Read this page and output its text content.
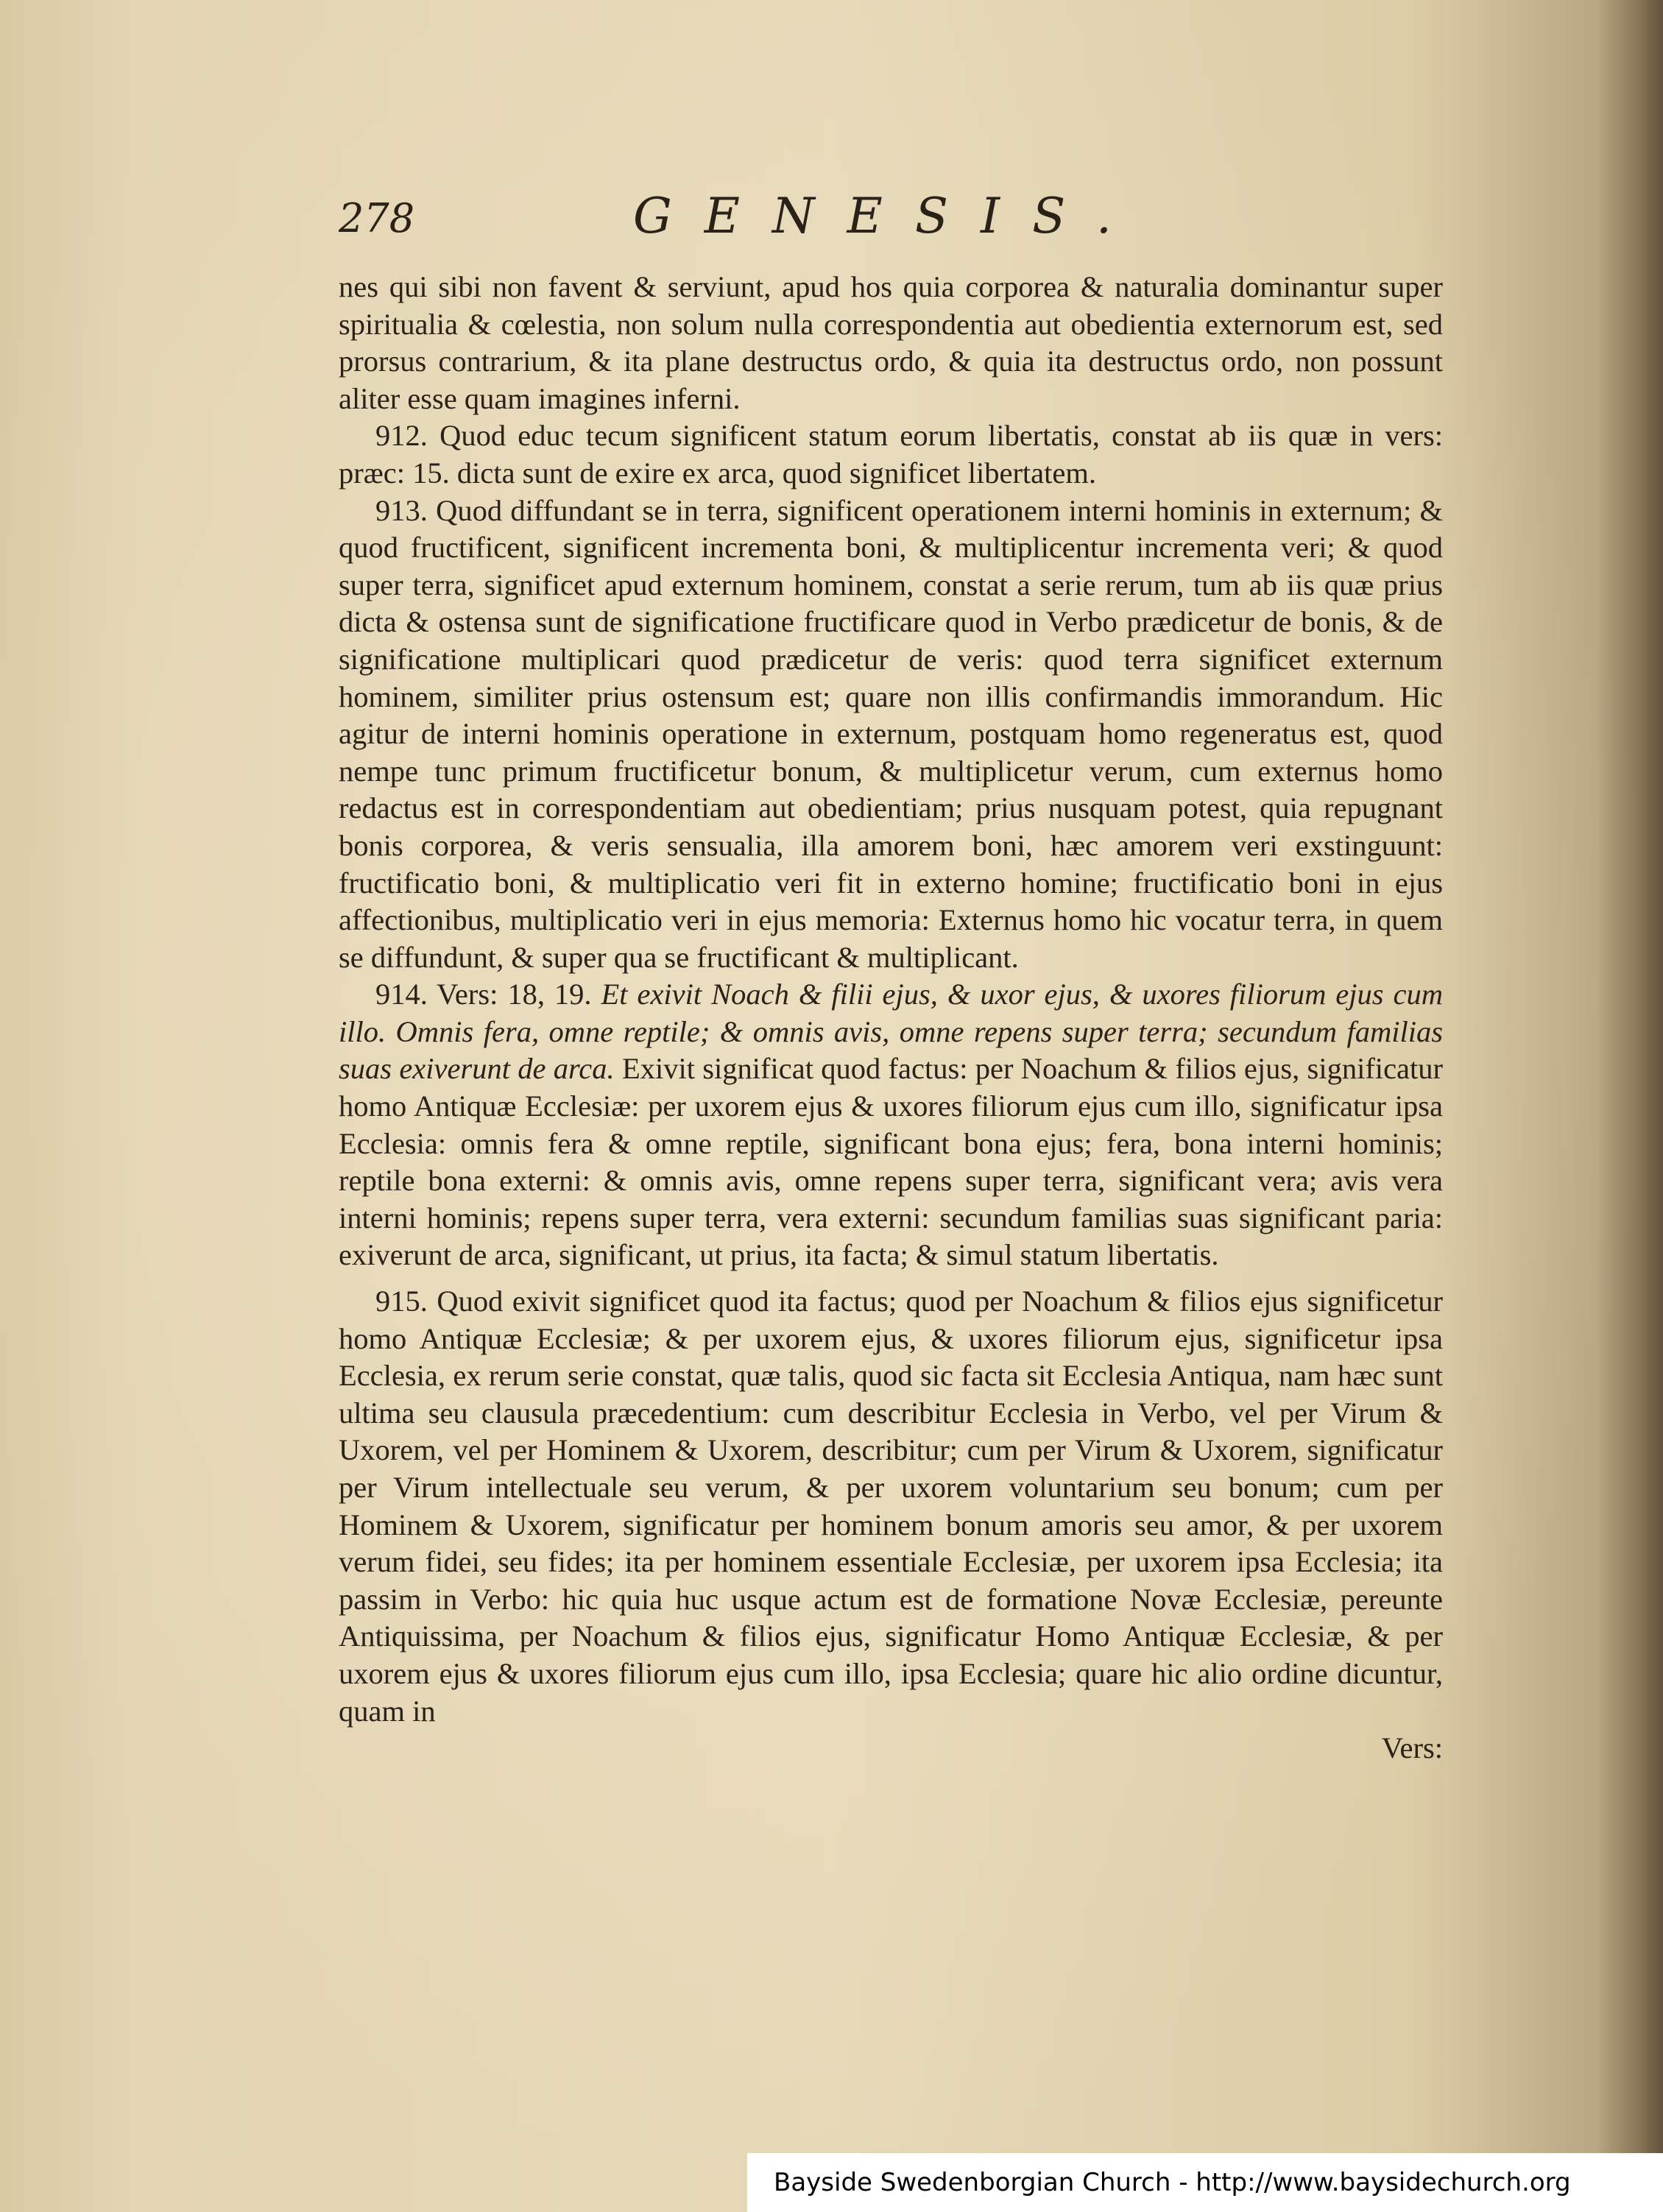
278	GENESIS.

nes qui sibi non favent & serviunt, apud hos quia corporea & naturalia dominantur super spiritualia & cœlestia, non solum nulla correspondentia aut obedientia externorum est, sed prorsus contrarium, & ita plane destructus ordo, & quia ita destructus ordo, non possunt aliter esse quam imagines inferni.

912. Quod educ tecum significent statum eorum libertatis, constat ab iis quæ in vers: præc: 15. dicta sunt de exire ex arca, quod significet libertatem.

913. Quod diffundant se in terra, significent operationem interni hominis in externum; & quod fructificent, significent incrementa boni, & multiplicentur incrementa veri; & quod super terra, significet apud externum hominem, constat a serie rerum, tum ab iis quæ prius dicta & ostensa sunt de significatione fructificare quod in Verbo prædicetur de bonis, & de significatione multiplicari quod prædicetur de veris: quod terra significet externum hominem, similiter prius ostensum est; quare non illis confirmandis immorandum. Hic agitur de interni hominis operatione in externum, postquam homo regeneratus est, quod nempe tunc primum fructificetur bonum, & multiplicetur verum, cum externus homo redactus est in correspondentiam aut obedientiam; prius nusquam potest, quia repugnant bonis corporea, & veris sensualia, illa amorem boni, hæc amorem veri exstinguunt: fructificatio boni, & multiplicatio veri fit in externo homine; fructificatio boni in ejus affectionibus, multiplicatio veri in ejus memoria: Externus homo hic vocatur terra, in quem se diffundunt, & super qua se fructificant & multiplicant.

914. Vers: 18, 19. Et exivit Noach & filii ejus, & uxor ejus, & uxores filiorum ejus cum illo. Omnis fera, omne reptile; & omnis avis, omne repens super terra; secundum familias suas exiverunt de arca. Exivit significat quod factus: per Noachum & filios ejus, significatur homo Antiquæ Ecclesiæ: per uxorem ejus & uxores filiorum ejus cum illo, significatur ipsa Ecclesia: omnis fera & omne reptile, significant bona ejus; fera, bona interni hominis; reptile bona externi: & omnis avis, omne repens super terra, significant vera; avis vera interni hominis; repens super terra, vera externi: secundum familias suas significant paria: exiverunt de arca, significant, ut prius, ita facta; & simul statum libertatis.

915. Quod exivit significet quod ita factus; quod per Noachum & filios ejus significetur homo Antiquæ Ecclesiæ; & per uxorem ejus, & uxores filiorum ejus, significetur ipsa Ecclesia, ex rerum serie constat, quæ talis, quod sic facta sit Ecclesia Antiqua, nam hæc sunt ultima seu clausula præcedentium: cum describitur Ecclesia in Verbo, vel per Virum & Uxorem, vel per Hominem & Uxorem, describitur; cum per Virum & Uxorem, significatur per Virum intellectuale seu verum, & per uxorem voluntarium seu bonum; cum per Hominem & Uxorem, significatur per hominem bonum amoris seu amor, & per uxorem verum fidei, seu fides; ita per hominem essentiale Ecclesiæ, per uxorem ipsa Ecclesia; ita passim in Verbo: hic quia huc usque actum est de formatione Novæ Ecclesiæ, pereunte Antiquissima, per Noachum & filios ejus, significatur Homo Antiquæ Ecclesiæ, & per uxorem ejus & uxores filiorum ejus cum illo, ipsa Ecclesia; quare hic alio ordine dicuntur, quam in

Vers:

Bayside Swedenborgian Church - http://www.baysidechurch.org
